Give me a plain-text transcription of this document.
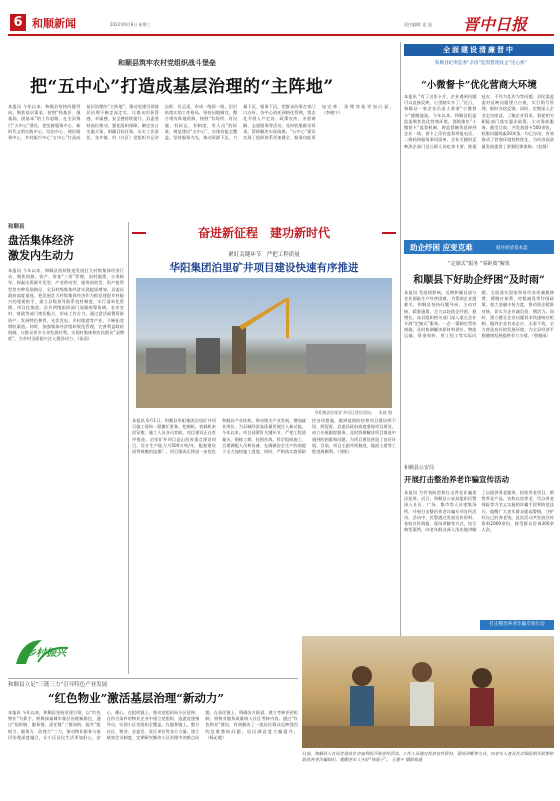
6 和顺新闻	2022年6月8日 星期三	责任编辑: 范 旭 晋中日报
和顺县筑牢农村党组织战斗堡垒
把“五中心”打造成基层治理的“主阵地”
本报讯 今年以来，和顺县坚持问题导向，聚焦基层需求，按照“抓基层、强基础、固基本”的工作思路，在全县推行“五中心”建设，把党群服务中心、新时代文明实践中心、综治中心、便民服务中心、乡村振兴中心“五中心”打造成基层治理的“主阵地”，推动党建引领基层治理不断走深走实，让群众的获得感、幸福感、安全感持续提升。县委坚持高位推动，强化组织保障，制定出台实施方案，明确目标任务，压实工作责任。各乡镇、村（社区）党组织书记亲自抓、负总责，形成一级抓一级、层层抓落实的工作格局。坚持因地制宜，整合现有阵地资源，按照“有场所、有设施、有标志、有制度、有人员”的标准，规范建设“五中心”，实现功能全覆盖。坚持服务为先，推动资源下沉、力量下沉、服务下沉，把群众的事在家门口办好。各中心依托网格化管理，常态化开展入户走访、政策宣传、矛盾调解、志愿服务等活动，及时收集群众诉求，帮助解决实际困难。“五中心”建设实现了组织体系更加健全、服务功能更加完善、治理效能更加凸显。（李晓宁）
全面建设清廉晋中
和顺县纪委监委“亲清”监督搭建政企“连心桥”
“小微督卡”优化营商大环境
本报讯 “有了这张卡片，企业遇到问题可以直接反映，心里踏实多了。”近日，和顺县一家企业负责人拿着“小微督卡”感慨地说。今年以来，和顺县纪委监委聚焦优化营商环境，创新推出“小微督卡”监督机制，将监督触角延伸到企业一线。督卡上印有监督举报电话、二维码和服务事项清单，企业可随时反映涉企部门及公职人员吃拿卡要、推诿扯皮、不作为乱作为等问题。县纪委监委对反映问题建立台账，实行销号管理，限时办结反馈。同时，定期深入企业走访座谈，了解企业诉求，督促相关职能部门落实惠企政策，主动靠前服务。截至目前，共发放督卡500余张，收集问题线索20余条，均已办结，有效推动了营商环境持续优化，为经济高质量发展提供了坚强纪律保障。（赵娟）
助企纾困 应变克难	稳住经济基本盘
“定制式”服务 “零距离”解忧
和顺县下好助企纾困“及时雨”
本报讯 受疫情影响，近期和顺县部分企业面临生产经营困难。为帮助企业渡难关，和顺县坚持问题导向，主动对接、精准施策，全力以赴助企纾困、稳增长。该县组织相关部门深入重点企业开展“定制式”服务，一企一策制定帮扶措施，及时协调解决原材料供应、物流运输、资金周转、用工招工等实际问题。全面落实国家和省市各项减税降费、缓缴社保费、房租减免等纾困政策，加大金融支持力度，推动银企精准对接，切实为企业减负担、增活力。同时，建立健全企业问题诉求快速响应机制，做到企业有求必应、无事不扰，全力营造良好的发展环境，为全县经济平稳健康发展提供有力支撑。（曾晓丽）
和顺县
盘活集体经济 激发内生动力
本报讯 今年以来，和顺县持续推进发展壮大村级集体经济行动，聚焦资源、资产、资金“三资”管理，因村施策、分类指导，探索出资源开发型、产业带动型、服务创收型、资产租赁型等多种发展路径，全县村级集体经济实现提质增效。县委县政府高度重视，把发展壮大村级集体经济作为抓党建促乡村振兴的重要抓手，建立县级领导联系包村制度，实行清单化管理、项目化推进。县乡两级组织部门加强统筹协调，农业农村、财政等部门密切配合，形成工作合力。通过盘活闲置资源资产、发展特色种养、光伏发电、乡村旅游等产业，不断拓宽增收渠道。同时，加强集体经济组织规范管理，完善利益联结机制，让群众更多分享发展红利，实现村集体和农民群众“双增收”，为乡村全面振兴注入强劲动力。（苗雨）
乡村振兴
奋进新征程　建功新时代
紧盯关键环节　严把工程质量
华阳集团泊里矿井项目建设快速有序推进
华阳集团泊里矿井项目建设现场。　张斌 摄
本报讯 6月1日，和顺县华阳集团泊里矿井项目施工现场一派繁忙景象，挖掘机、装载机来回穿梭，施工人员各司其职，项目建设正在有序推进。泊里矿井项目是山西省重点建设项目，设计生产能力为500万吨/年，配套建设同等规模的选煤厂。项目建成后将进一步优化和顺县产业结构，带动相关产业发展，增加就业岗位，为县域经济高质量发展注入新动能。今年以来，项目部紧盯关键环节，严把工程质量关，倒排工期、挂图作战，科学组织施工，合理调配人员和设备，在确保安全生产的前提下全力加快施工进度。同时，严格落实疫情防控各项措施，做到疫情防控和项目建设两不误、两促进。县委县政府高度重视项目建设，成立专班跟踪服务，及时协调解决项目推进中遇到的困难和问题，为项目建设营造了良好环境。目前，项目主副井筒掘进、地面土建等工程进展顺利。（刘凯）
和顺县公安局
开展打击整治养老诈骗宣传活动
本报讯 为有效防范和打击养老诈骗违法犯罪，近日，和顺县公安局组织民警深入社区、广场、集市等人员密集场所，开展打击整治养老诈骗专项宣传活动。活动中，民警通过发放宣传资料、张贴宣传海报、现场讲解等方式，结合典型案例，向老年群众深入浅出地讲解了以提供养老服务、投资养老项目、销售养老产品、宣称以房养老、代办养老保险等为名义实施的诈骗手段和防范技巧，提醒广大老年群众提高警惕，守护好自己的养老钱。此次活动共发放宣传资料2000余份，接受群众咨询300余人次。
打击整治养老诈骗专项行动
日前，和顺县人社局走进县社会福利院开展宣传活动。工作人员通过发放宣传资料、现场讲解等方式，向老年人普及社会保险相关政策和防范养老诈骗知识，提醒老年人守好“钱袋子”。 王建平 摄影报道
和顺县立足“三链三力”引导特色产业发展
“红色物业”激活基层治理“新动力”
本报讯 今年以来，和顺县坚持党建引领，以“红色物业”为抓手，积极探索城市基层治理新路径，通过“组织链、服务链、责任链”三链同构，提升“组织力、服务力、治理力”三力，推动物业服务与基层治理深度融合，让小区居民生活更加舒心、安心、暖心。在组织链上，推动党组织向小区延伸，在符合条件的物业企业中建立党组织，选派党建指导员，实现小区党组织全覆盖。在服务链上，整合社区、物业、业委会、驻区单位等各方力量，建立联席会议制度，定期研究解决小区治理中的难点问题。在责任链上，明确各方职责，建立考核评价机制，将物业服务质量纳入社区考核内容。通过“红色物业”建设，有效解决了一批居民群众反映强烈的急难愁盼问题，居民满意度大幅提升。（杨沁媛）
